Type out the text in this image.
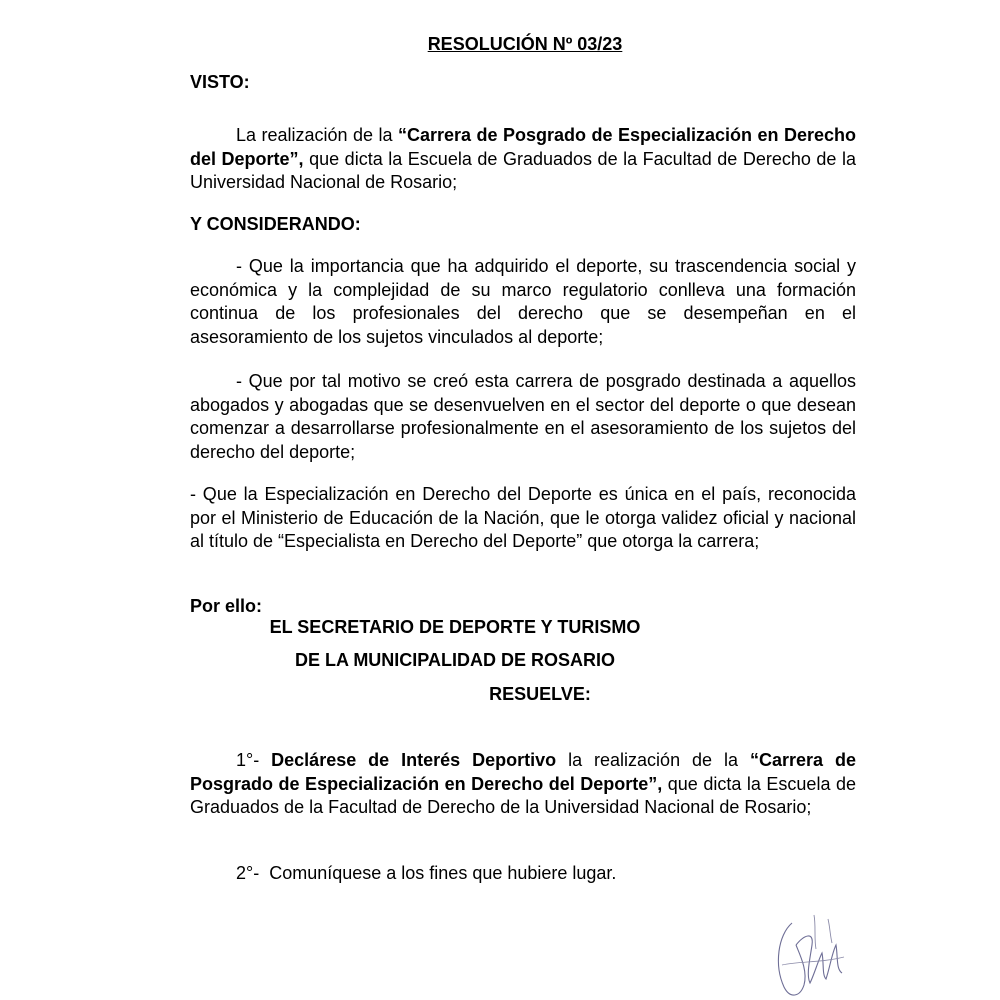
RESOLUCIÓN Nº 03/23
VISTO:
La realización de la “Carrera de Posgrado de Especialización en Derecho del Deporte”, que dicta la Escuela de Graduados de la Facultad de Derecho de la Universidad Nacional de Rosario;
Y CONSIDERANDO:
- Que la importancia que ha adquirido el deporte, su trascendencia social y económica y la complejidad de su marco regulatorio conlleva una formación continua de los profesionales del derecho que se desempeñan en el asesoramiento de los sujetos vinculados al deporte;
- Que por tal motivo se creó esta carrera de posgrado destinada a aquellos abogados y abogadas que se desenvuelven en el sector del deporte o que desean comenzar a desarrollarse profesionalmente en el asesoramiento de los sujetos del derecho del deporte;
- Que la Especialización en Derecho del Deporte es única en el país, reconocida por el Ministerio de Educación de la Nación, que le otorga validez oficial y nacional al título de “Especialista en Derecho del Deporte” que otorga la carrera;
Por ello:
EL SECRETARIO DE DEPORTE Y TURISMO
DE LA MUNICIPALIDAD DE ROSARIO
RESUELVE:
1°- Declárese de Interés Deportivo la realización de la “Carrera de Posgrado de Especialización en Derecho del Deporte”, que dicta la Escuela de Graduados de la Facultad de Derecho de la Universidad Nacional de Rosario;
2°-  Comuníquese a los fines que hubiere lugar.
